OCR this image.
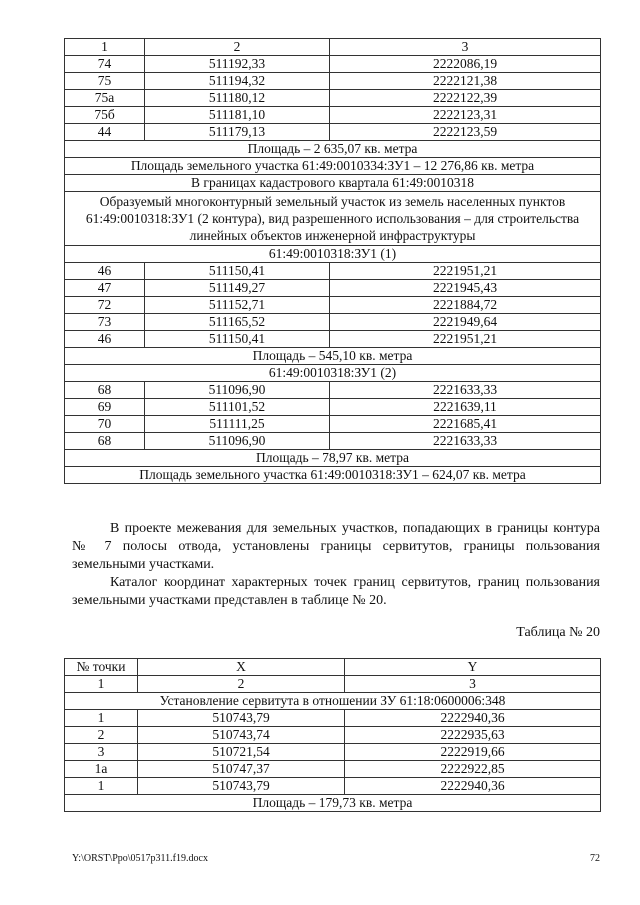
1	2	3
74	511192,33	2222086,19
75	511194,32	2222121,38
75а	511180,12	2222122,39
75б	511181,10	2222123,31
44	511179,13	2222123,59
Площадь – 2 635,07 кв. метра		
Площадь земельного участка 61:49:0010334:ЗУ1 – 12 276,86 кв. метра		
В границах кадастрового квартала 61:49:0010318		
Образуемый многоконтурный земельный участок из земель населенных пунктов 61:49:0010318:ЗУ1 (2 контура), вид разрешенного использования – для строительства линейных объектов инженерной инфраструктуры		
61:49:0010318:ЗУ1 (1)		
46	511150,41	2221951,21
47	511149,27	2221945,43
72	511152,71	2221884,72
73	511165,52	2221949,64
46	511150,41	2221951,21
Площадь – 545,10 кв. метра		
61:49:0010318:ЗУ1 (2)		
68	511096,90	2221633,33
69	511101,52	2221639,11
70	511111,25	2221685,41
68	511096,90	2221633,33
Площадь – 78,97 кв. метра		
Площадь земельного участка 61:49:0010318:ЗУ1 – 624,07 кв. метра		
В проекте межевания для земельных участков, попадающих в границы контура № 7 полосы отвода, установлены границы сервитутов, границы пользования земельными участками.
Каталог координат характерных точек границ сервитутов, границ пользования земельными участками представлен в таблице № 20.
Таблица № 20
№ точки	X	Y
1	2	3
Установление сервитута в отношении ЗУ 61:18:0600006:348		
1	510743,79	2222940,36
2	510743,74	2222935,63
3	510721,54	2222919,66
1а	510747,37	2222922,85
1	510743,79	2222940,36
Площадь – 179,73 кв. метра		
Y:\ORST\Ppo\0517p311.f19.docx	72
